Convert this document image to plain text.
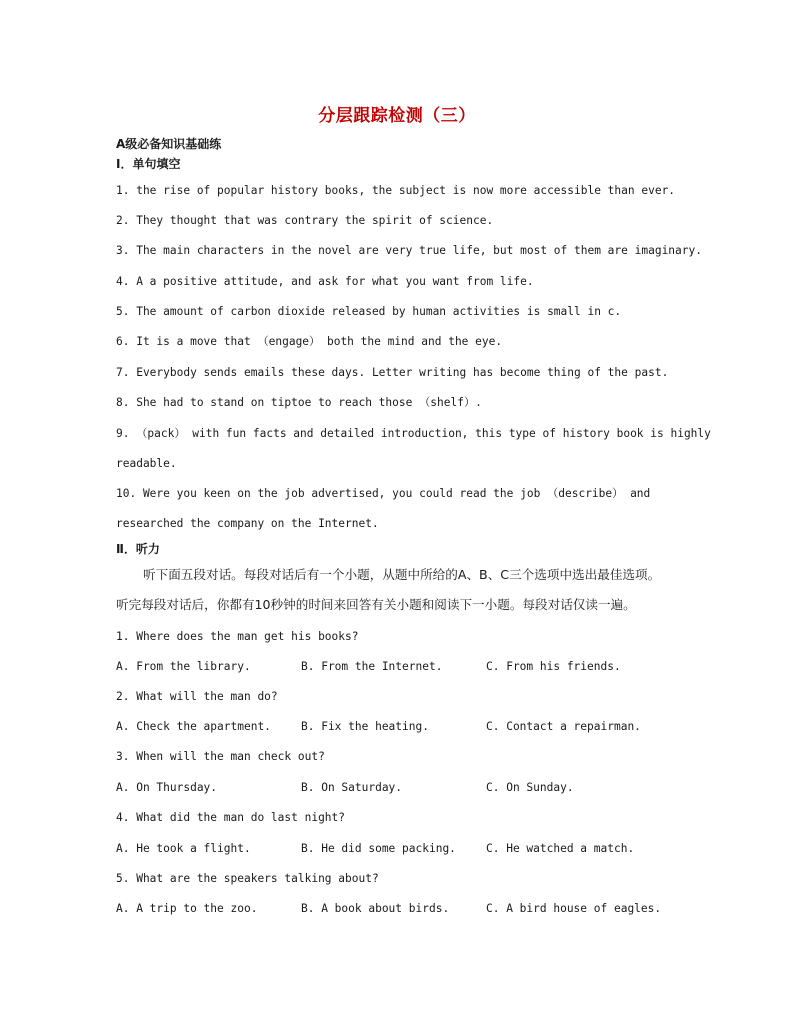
分层跟踪检测（三）
A级必备知识基础练
Ⅰ．单句填空
1. the rise of popular history books, the subject is now more accessible than ever.
2. They thought that was contrary the spirit of science.
3. The main characters in the novel are very true life, but most of them are imaginary.
4. A a positive attitude, and ask for what you want from life.
5. The amount of carbon dioxide released by human activities is small in c.
6. It is a move that （engage） both the mind and the eye.
7. Everybody sends emails these days. Letter writing has become thing of the past.
8. She had to stand on tiptoe to reach those （shelf）.
9. （pack） with fun facts and detailed introduction, this type of history book is highly
readable.
10. Were you keen on the job advertised, you could read the job （describe） and
researched the company on the Internet.
Ⅱ．听力
听下面五段对话。每段对话后有一个小题，从题中所给的A、B、C三个选项中选出最佳选项。
听完每段对话后，你都有10秒钟的时间来回答有关小题和阅读下一小题。每段对话仅读一遍。
1. Where does the man get his books?
A. From the library.	B. From the Internet.	C. From his friends.
2. What will the man do?
A. Check the apartment.	B. Fix the heating.	C. Contact a repairman.
3. When will the man check out?
A. On Thursday.	B. On Saturday.	C. On Sunday.
4. What did the man do last night?
A. He took a flight.	B. He did some packing.	C. He watched a match.
5. What are the speakers talking about?
A. A trip to the zoo.	B. A book about birds.	C. A bird house of eagles.
